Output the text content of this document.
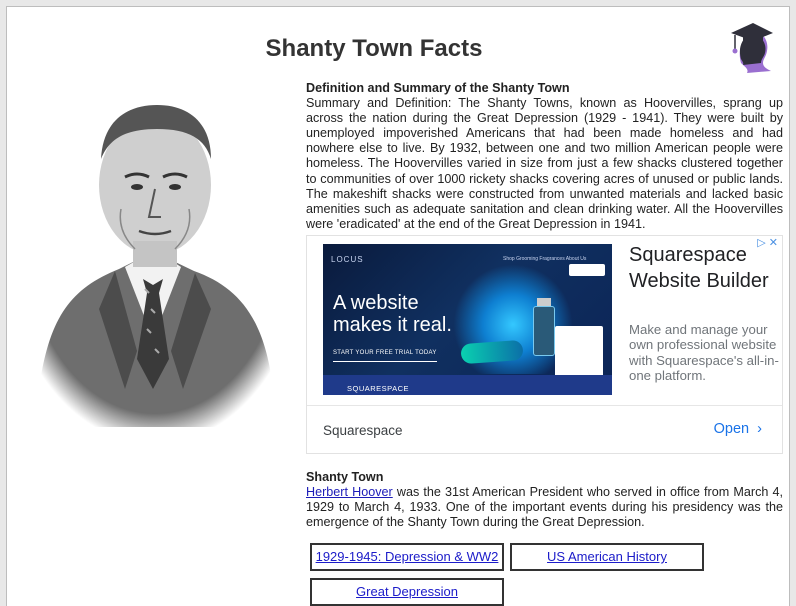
Shanty Town Facts
Definition and Summary of the Shanty Town
Summary and Definition: The Shanty Towns, known as Hoovervilles, sprang up across the nation during the Great Depression (1929 - 1941). They were built by unemployed impoverished Americans that had been made homeless and had nowhere else to live. By 1932, between one and two million American people were homeless. The Hoovervilles varied in size from just a few shacks clustered together to communities of over 1000 rickety shacks covering acres of unused or public lands. The makeshift shacks were constructed from unwanted materials and lacked basic amenities such as adequate sanitation and clean drinking water. All the Hoovervilles were 'eradicated' at the end of the Great Depression in 1941.
▷ ✕
LOCUS	Shop Grooming Fragrances About Us
A website
makes it real.
START YOUR FREE TRIAL TODAY
SQUARESPACE
Squarespace Website Builder
Make and manage your own professional website with Squarespace's all-in-one platform.
Squarespace	Open ›
Shanty Town
Herbert Hoover was the 31st American President who served in office from March 4, 1929 to March 4, 1933. One of the important events during his presidency was the emergence of the Shanty Town during the Great Depression.
1929-1945: Depression & WW2	US American History
Great Depression
